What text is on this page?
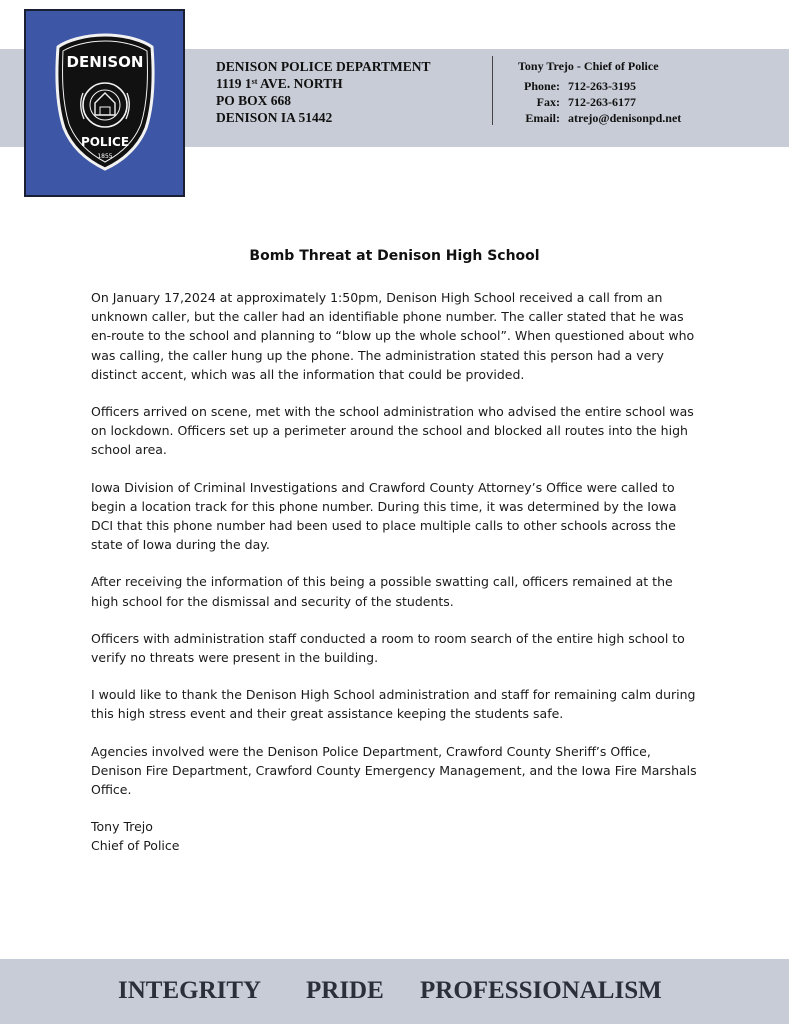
DENISON
POLICE
1855
DENISON POLICE DEPARTMENT
1119 1st AVE. NORTH
PO BOX 668
DENISON IA 51442
Tony Trejo - Chief of Police
Phone: 712-263-3195
Fax: 712-263-6177
Email: atrejo@denisonpd.net
Bomb Threat at Denison High School

On January 17,2024 at approximately 1:50pm, Denison High School received a call from an unknown caller, but the caller had an identifiable phone number. The caller stated that he was en-route to the school and planning to “blow up the whole school”. When questioned about who was calling, the caller hung up the phone. The administration stated this person had a very distinct accent, which was all the information that could be provided.

Officers arrived on scene, met with the school administration who advised the entire school was on lockdown. Officers set up a perimeter around the school and blocked all routes into the high school area.

Iowa Division of Criminal Investigations and Crawford County Attorney’s Office were called to begin a location track for this phone number. During this time, it was determined by the Iowa DCI that this phone number had been used to place multiple calls to other schools across the state of Iowa during the day.

After receiving the information of this being a possible swatting call, officers remained at the high school for the dismissal and security of the students.

Officers with administration staff conducted a room to room search of the entire high school to verify no threats were present in the building.

I would like to thank the Denison High School administration and staff for remaining calm during this high stress event and their great assistance keeping the students safe.

Agencies involved were the Denison Police Department, Crawford County Sheriff’s Office, Denison Fire Department, Crawford County Emergency Management, and the Iowa Fire Marshals Office.

Tony Trejo
Chief of Police
INTEGRITY PRIDE PROFESSIONALISM
